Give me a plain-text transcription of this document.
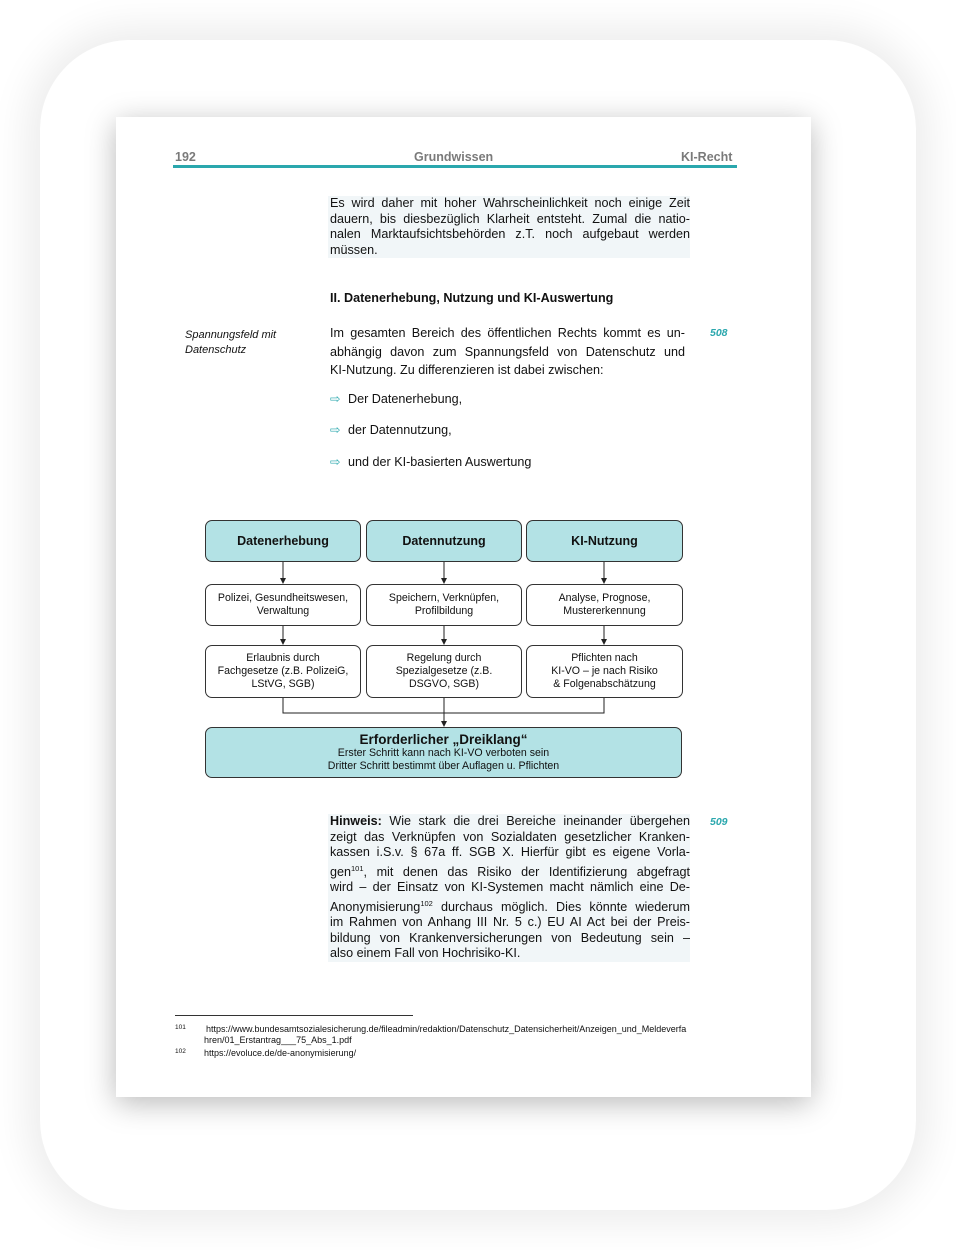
192	Grundwissen	KI-Recht
Es wird daher mit hoher Wahrscheinlichkeit noch einige Zeit
dauern, bis diesbezüglich Klarheit entsteht. Zumal die natio-
nalen Marktaufsichtsbehörden z.T. noch aufgebaut werden
müssen.
II. Datenerhebung, Nutzung und KI-Auswertung
Spannungsfeld mit
Datenschutz
508
Im gesamten Bereich des öffentlichen Rechts kommt es un-
abhängig davon zum Spannungsfeld von Datenschutz und
KI-Nutzung. Zu differenzieren ist dabei zwischen:
⇨ Der Datenerhebung,
⇨ der Datennutzung,
⇨ und der KI-basierten Auswertung
Datenerhebung	Datennutzung	KI-Nutzung
Polizei, Gesundheitswesen,
Verwaltung
Speichern, Verknüpfen,
Profilbildung
Analyse, Prognose,
Mustererkennung
Erlaubnis durch
Fachgesetze (z.B. PolizeiG,
LStVG, SGB)
Regelung durch
Spezialgesetze (z.B.
DSGVO, SGB)
Pflichten nach
KI-VO – je nach Risiko
& Folgenabschätzung
Erforderlicher „Dreiklang“
Erster Schritt kann nach KI-VO verboten sein
Dritter Schritt bestimmt über Auflagen u. Pflichten
509
Hinweis: Wie stark die drei Bereiche ineinander übergehen
zeigt das Verknüpfen von Sozialdaten gesetzlicher Kranken-
kassen i.S.v. § 67a ff. SGB X. Hierfür gibt es eigene Vorla-
gen$^{101}$, mit denen das Risiko der Identifizierung abgefragt
wird – der Einsatz von KI-Systemen macht nämlich eine De-
Anonymisierung$^{102}$ durchaus möglich. Dies könnte wiederum
im Rahmen von Anhang III Nr. 5 c.) EU AI Act bei der Preis-
bildung von Krankenversicherungen von Bedeutung sein –
also einem Fall von Hochrisiko-KI.
$^{101}$ https://www.bundesamtsozialesicherung.de/fileadmin/redaktion/Datenschutz_Datensicherheit/Anzeigen_und_Meldeverfa
hren/01_Erstantrag___75_Abs_1.pdf
$^{102}$ https://evoluce.de/de-anonymisierung/
